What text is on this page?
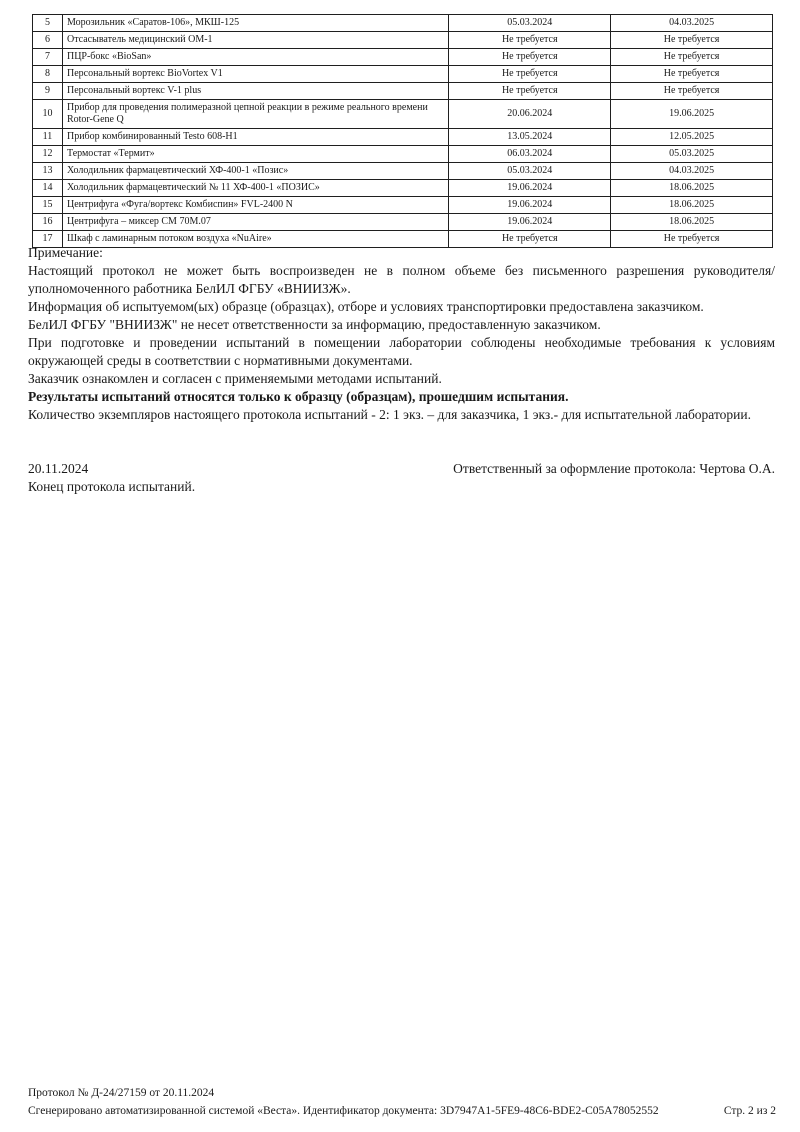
5	Морозильник «Саратов-106», МКШ-125	05.03.2024	04.03.2025
6	Отсасыватель медицинский ОМ-1	Не требуется	Не требуется
7	ПЦР-бокс «BioSan»	Не требуется	Не требуется
8	Персональный вортекс BioVortex V1	Не требуется	Не требуется
9	Персональный вортекс V-1 plus	Не требуется	Не требуется
10	Прибор для проведения полимеразной цепной реакции в режиме реального времени Rotor-Gene Q	20.06.2024	19.06.2025
11	Прибор комбинированный Testo 608-H1	13.05.2024	12.05.2025
12	Термостат «Термит»	06.03.2024	05.03.2025
13	Холодильник фармацевтический ХФ-400-1 «Позис»	05.03.2024	04.03.2025
14	Холодильник фармацевтический № 11 ХФ-400-1 «ПОЗИС»	19.06.2024	18.06.2025
15	Центрифуга «Фуга/вортекс Комбиспин» FVL-2400 N	19.06.2024	18.06.2025
16	Центрифуга – миксер СМ 70М.07	19.06.2024	18.06.2025
17	Шкаф с ламинарным потоком воздуха «NuAire»	Не требуется	Не требуется
Примечание:
Настоящий протокол не может быть воспроизведен не в полном объеме без письменного разрешения руководителя/уполномоченного работника БелИЛ ФГБУ «ВНИИЗЖ».
Информация об испытуемом(ых) образце (образцах), отборе и условиях транспортировки предоставлена заказчиком.
БелИЛ ФГБУ "ВНИИЗЖ" не несет ответственности за информацию, предоставленную заказчиком.
При подготовке и проведении испытаний в помещении лаборатории соблюдены необходимые требования к условиям окружающей среды в соответствии с нормативными документами.
Заказчик ознакомлен и согласен с применяемыми методами испытаний.
Результаты испытаний относятся только к образцу (образцам), прошедшим испытания.
Количество экземпляров настоящего протокола испытаний - 2: 1 экз. – для заказчика, 1 экз.- для испытательной лаборатории.
20.11.2024	Ответственный за оформление протокола: Чертова О.А.
Конец протокола испытаний.
Протокол № Д-24/27159 от 20.11.2024
Сгенерировано автоматизированной системой «Веста». Идентификатор документа: 3D7947A1-5FE9-48C6-BDE2-C05A78052552	Стр. 2 из 2
